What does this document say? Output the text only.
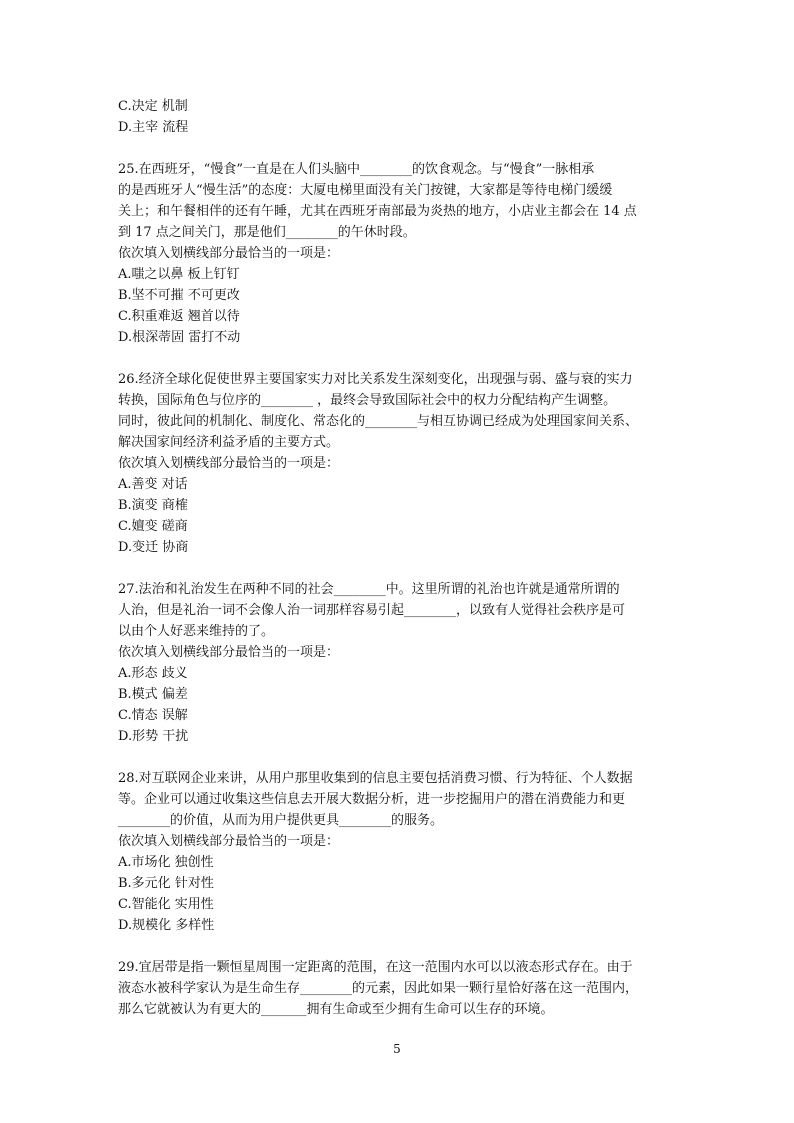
C.决定 机制
D.主宰 流程
25.在西班牙，“慢食”一直是在人们头脑中________的饮食观念。与“慢食”一脉相承
的是西班牙人“慢生活”的态度：大厦电梯里面没有关门按键，大家都是等待电梯门缓缓
关上；和午餐相伴的还有午睡，尤其在西班牙南部最为炎热的地方，小店业主都会在 14 点
到 17 点之间关门，那是他们________的午休时段。
依次填入划横线部分最恰当的一项是：
A.嗤之以鼻 板上钉钉
B.坚不可摧 不可更改
C.积重难返 翘首以待
D.根深蒂固 雷打不动
26.经济全球化促使世界主要国家实力对比关系发生深刻变化，出现强与弱、盛与衰的实力
转换，国际角色与位序的________ ，最终会导致国际社会中的权力分配结构产生调整。
同时，彼此间的机制化、制度化、常态化的________与相互协调已经成为处理国家间关系、
解决国家间经济利益矛盾的主要方式。
依次填入划横线部分最恰当的一项是：
A.善变 对话
B.演变 商榷
C.嬗变 磋商
D.变迁 协商
27.法治和礼治发生在两种不同的社会________中。这里所谓的礼治也许就是通常所谓的
人治，但是礼治一词不会像人治一词那样容易引起________，以致有人觉得社会秩序是可
以由个人好恶来维持的了。
依次填入划横线部分最恰当的一项是：
A.形态 歧义
B.模式 偏差
C.情态 误解
D.形势 干扰
28.对互联网企业来讲，从用户那里收集到的信息主要包括消费习惯、行为特征、个人数据
等。企业可以通过收集这些信息去开展大数据分析，进一步挖掘用户的潜在消费能力和更
________的价值，从而为用户提供更具________的服务。
依次填入划横线部分最恰当的一项是：
A.市场化 独创性
B.多元化 针对性
C.智能化 实用性
D.规模化 多样性
29.宜居带是指一颗恒星周围一定距离的范围，在这一范围内水可以以液态形式存在。由于
液态水被科学家认为是生命生存________的元素，因此如果一颗行星恰好落在这一范围内，
那么它就被认为有更大的_______拥有生命或至少拥有生命可以生存的环境。
5
